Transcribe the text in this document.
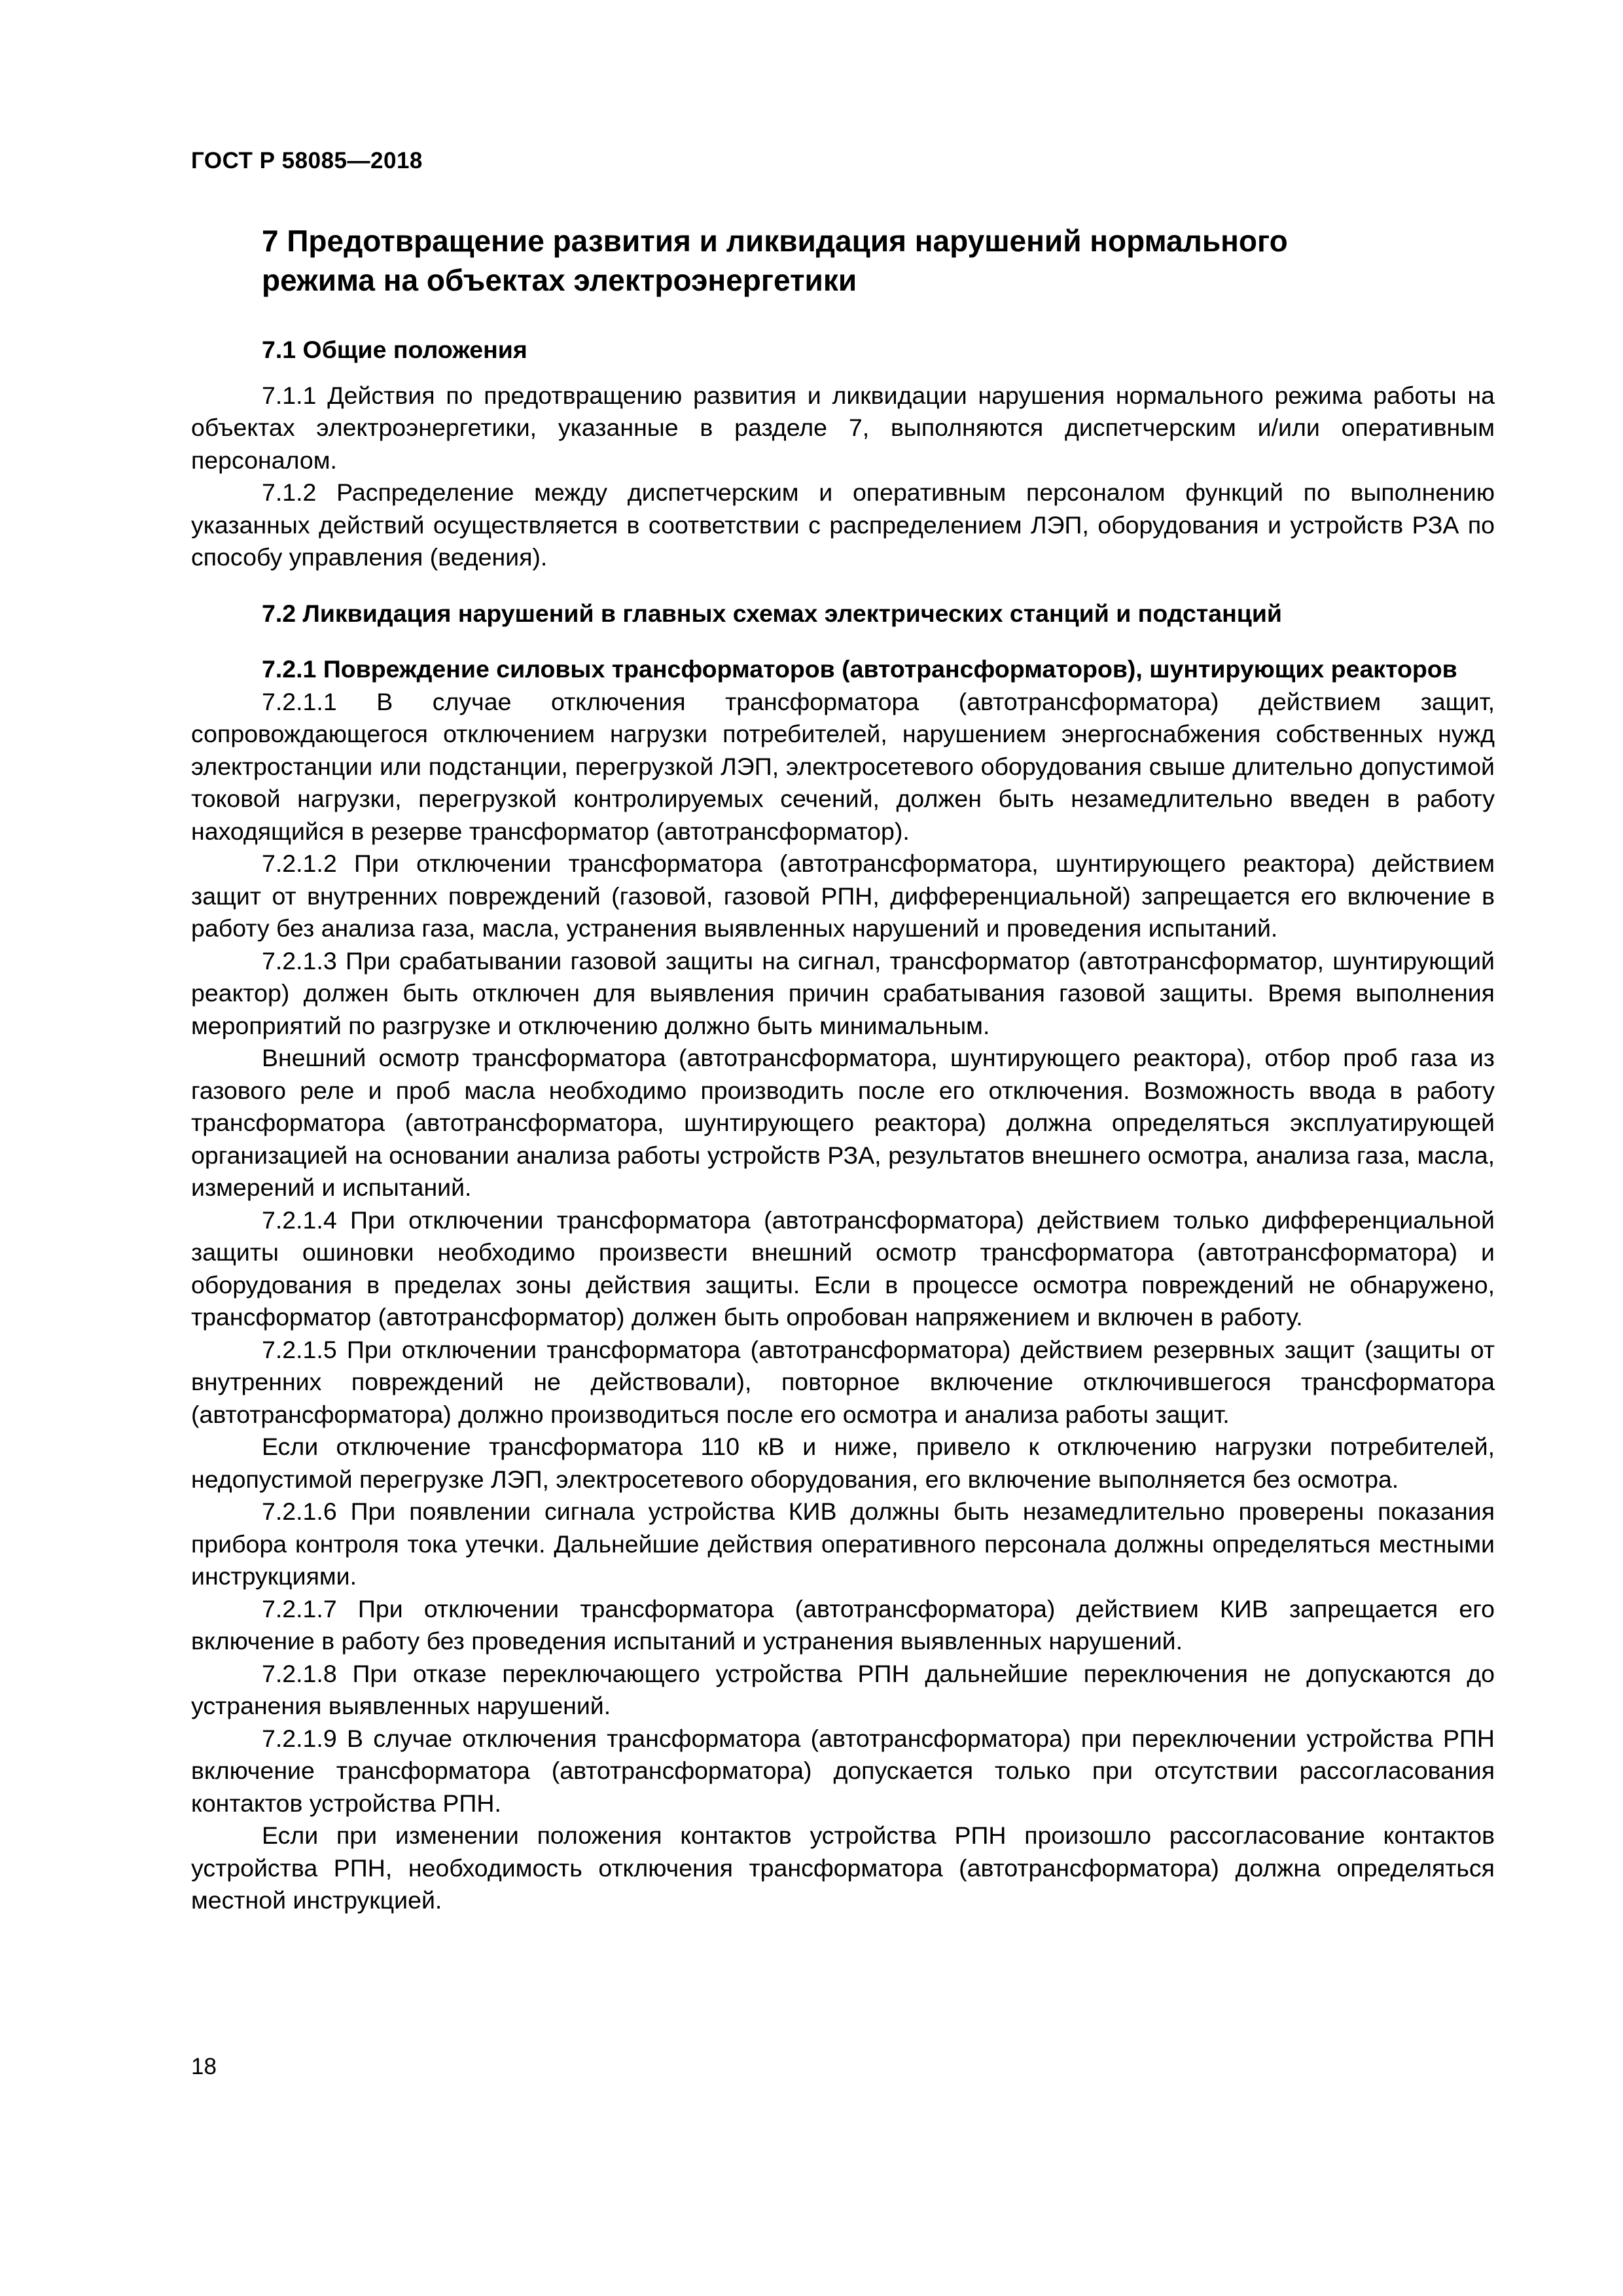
ГОСТ Р 58085—2018
7 Предотвращение развития и ликвидация нарушений нормального
режима на объектах электроэнергетики

7.1 Общие положения

7.1.1 Действия по предотвращению развития и ликвидации нарушения нормального режима работы на объектах электроэнергетики, указанные в разделе 7, выполняются диспетчерским и/или оперативным персоналом.

7.1.2 Распределение между диспетчерским и оперативным персоналом функций по выполнению указанных действий осуществляется в соответствии с распределением ЛЭП, оборудования и устройств РЗА по способу управления (ведения).

7.2 Ликвидация нарушений в главных схемах электрических станций и подстанций

7.2.1 Повреждение силовых трансформаторов (автотрансформаторов), шунтирующих реакторов

7.2.1.1 В случае отключения трансформатора (автотрансформатора) действием защит, сопровождающегося отключением нагрузки потребителей, нарушением энергоснабжения собственных нужд электростанции или подстанции, перегрузкой ЛЭП, электросетевого оборудования свыше длительно допустимой токовой нагрузки, перегрузкой контролируемых сечений, должен быть незамедлительно введен в работу находящийся в резерве трансформатор (автотрансформатор).

7.2.1.2 При отключении трансформатора (автотрансформатора, шунтирующего реактора) действием защит от внутренних повреждений (газовой, газовой РПН, дифференциальной) запрещается его включение в работу без анализа газа, масла, устранения выявленных нарушений и проведения испытаний.

7.2.1.3 При срабатывании газовой защиты на сигнал, трансформатор (автотрансформатор, шунтирующий реактор) должен быть отключен для выявления причин срабатывания газовой защиты. Время выполнения мероприятий по разгрузке и отключению должно быть минимальным.

Внешний осмотр трансформатора (автотрансформатора, шунтирующего реактора), отбор проб газа из газового реле и проб масла необходимо производить после его отключения. Возможность ввода в работу трансформатора (автотрансформатора, шунтирующего реактора) должна определяться эксплуатирующей организацией на основании анализа работы устройств РЗА, результатов внешнего осмотра, анализа газа, масла, измерений и испытаний.

7.2.1.4 При отключении трансформатора (автотрансформатора) действием только дифференциальной защиты ошиновки необходимо произвести внешний осмотр трансформатора (автотрансформатора) и оборудования в пределах зоны действия защиты. Если в процессе осмотра повреждений не обнаружено, трансформатор (автотрансформатор) должен быть опробован напряжением и включен в работу.

7.2.1.5 При отключении трансформатора (автотрансформатора) действием резервных защит (защиты от внутренних повреждений не действовали), повторное включение отключившегося трансформатора (автотрансформатора) должно производиться после его осмотра и анализа работы защит.

Если отключение трансформатора 110 кВ и ниже, привело к отключению нагрузки потребителей, недопустимой перегрузке ЛЭП, электросетевого оборудования, его включение выполняется без осмотра.

7.2.1.6 При появлении сигнала устройства КИВ должны быть незамедлительно проверены показания прибора контроля тока утечки. Дальнейшие действия оперативного персонала должны определяться местными инструкциями.

7.2.1.7 При отключении трансформатора (автотрансформатора) действием КИВ запрещается его включение в работу без проведения испытаний и устранения выявленных нарушений.

7.2.1.8 При отказе переключающего устройства РПН дальнейшие переключения не допускаются до устранения выявленных нарушений.

7.2.1.9 В случае отключения трансформатора (автотрансформатора) при переключении устройства РПН включение трансформатора (автотрансформатора) допускается только при отсутствии рассогласования контактов устройства РПН.

Если при изменении положения контактов устройства РПН произошло рассогласование контактов устройства РПН, необходимость отключения трансформатора (автотрансформатора) должна определяться местной инструкцией.

18
